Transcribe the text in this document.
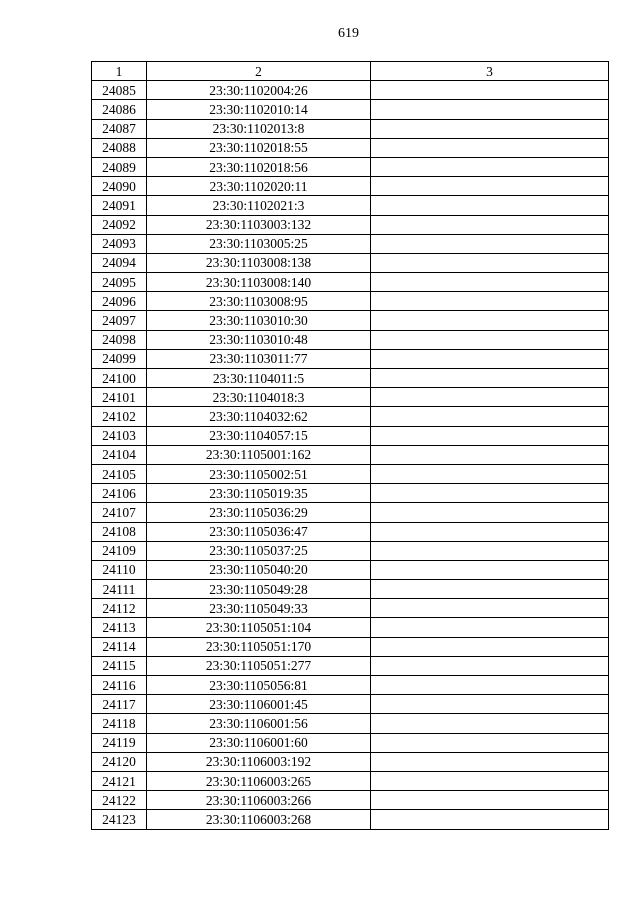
619
1	2	3
24085	23:30:1102004:26	
24086	23:30:1102010:14	
24087	23:30:1102013:8	
24088	23:30:1102018:55	
24089	23:30:1102018:56	
24090	23:30:1102020:11	
24091	23:30:1102021:3	
24092	23:30:1103003:132	
24093	23:30:1103005:25	
24094	23:30:1103008:138	
24095	23:30:1103008:140	
24096	23:30:1103008:95	
24097	23:30:1103010:30	
24098	23:30:1103010:48	
24099	23:30:1103011:77	
24100	23:30:1104011:5	
24101	23:30:1104018:3	
24102	23:30:1104032:62	
24103	23:30:1104057:15	
24104	23:30:1105001:162	
24105	23:30:1105002:51	
24106	23:30:1105019:35	
24107	23:30:1105036:29	
24108	23:30:1105036:47	
24109	23:30:1105037:25	
24110	23:30:1105040:20	
24111	23:30:1105049:28	
24112	23:30:1105049:33	
24113	23:30:1105051:104	
24114	23:30:1105051:170	
24115	23:30:1105051:277	
24116	23:30:1105056:81	
24117	23:30:1106001:45	
24118	23:30:1106001:56	
24119	23:30:1106001:60	
24120	23:30:1106003:192	
24121	23:30:1106003:265	
24122	23:30:1106003:266	
24123	23:30:1106003:268	
